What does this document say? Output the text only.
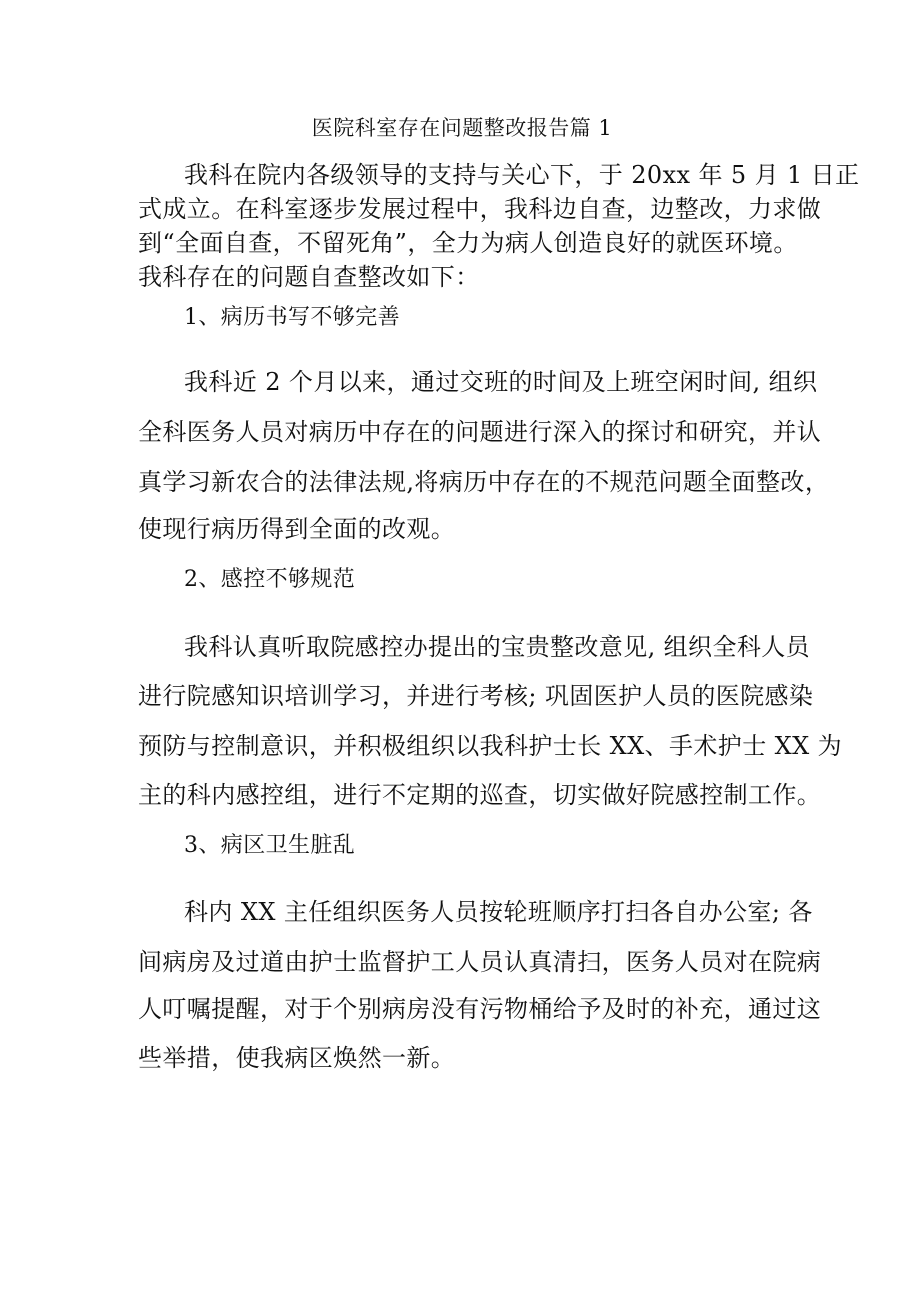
医院科室存在问题整改报告篇 1
我科在院内各级领导的支持与关心下，于 20xx 年 5 月 1 日正
式成立。在科室逐步发展过程中，我科边自查，边整改，力求做
到“全面自查，不留死角”，全力为病人创造良好的就医环境。
我科存在的问题自查整改如下：
1、病历书写不够完善
我科近 2 个月以来，通过交班的时间及上班空闲时间, 组织
全科医务人员对病历中存在的问题进行深入的探讨和研究，并认
真学习新农合的法律法规,将病历中存在的不规范问题全面整改，
使现行病历得到全面的改观。
2、感控不够规范
我科认真听取院感控办提出的宝贵整改意见, 组织全科人员
进行院感知识培训学习，并进行考核; 巩固医护人员的医院感染
预防与控制意识，并积极组织以我科护士长 XX、手术护士 XX 为
主的科内感控组，进行不定期的巡查，切实做好院感控制工作。
3、病区卫生脏乱
科内 XX 主任组织医务人员按轮班顺序打扫各自办公室; 各
间病房及过道由护士监督护工人员认真清扫，医务人员对在院病
人叮嘱提醒，对于个别病房没有污物桶给予及时的补充，通过这
些举措，使我病区焕然一新。
